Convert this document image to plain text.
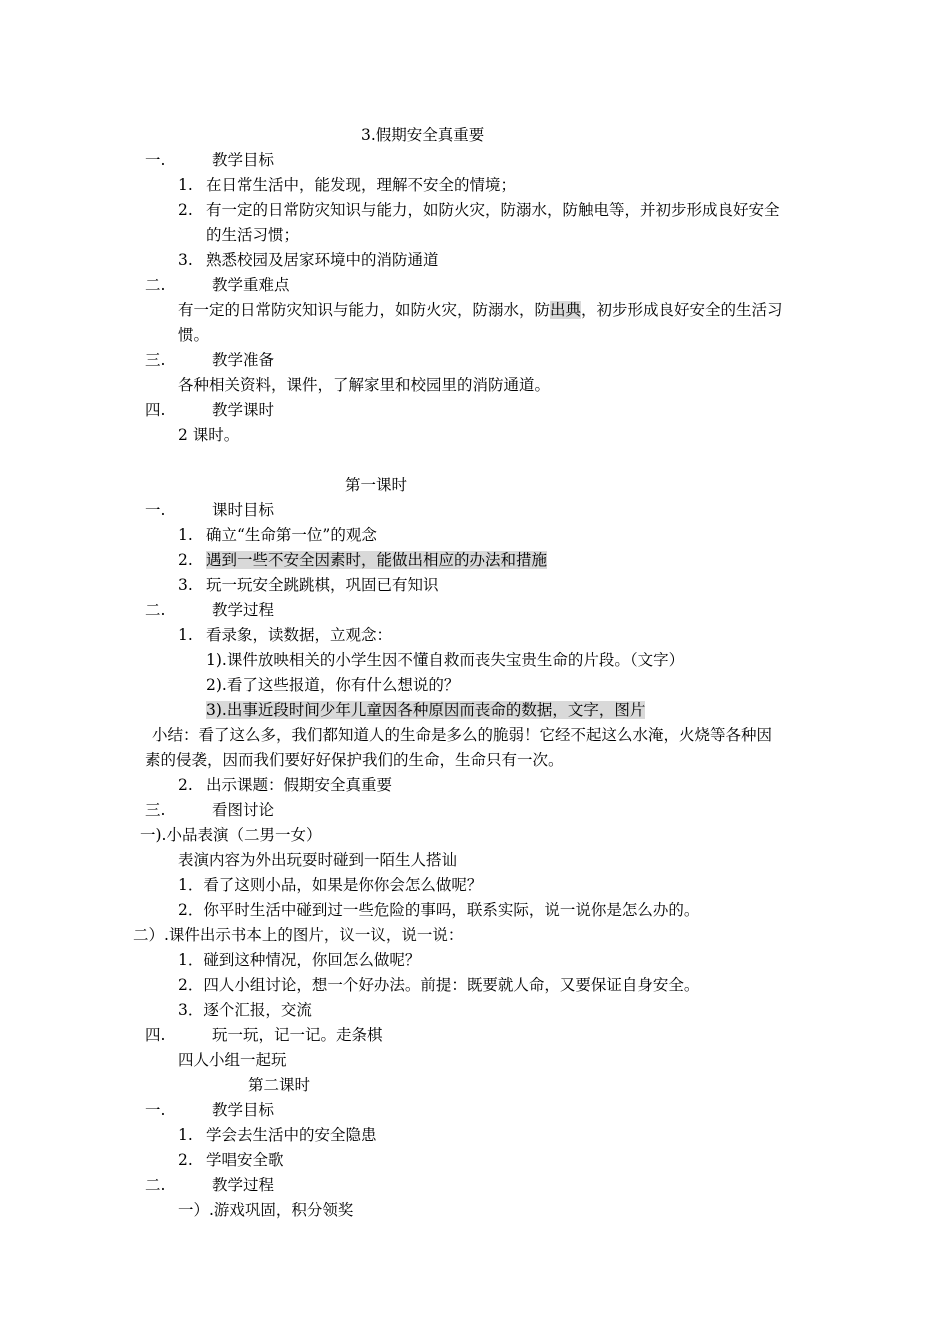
3.假期安全真重要
一.	教学目标
1. 在日常生活中，能发现，理解不安全的情境；
2. 有一定的日常防灾知识与能力，如防火灾，防溺水，防触电等，并初步形成良好安全
的生活习惯；
3. 熟悉校园及居家环境中的消防通道
二.	教学重难点
有一定的日常防灾知识与能力，如防火灾，防溺水，防出典，初步形成良好安全的生活习
惯。
三.	教学准备
各种相关资料，课件，了解家里和校园里的消防通道。
四.	教学课时
2 课时。
第一课时
一.	课时目标
1. 确立“生命第一位”的观念
2. 遇到一些不安全因素时，能做出相应的办法和措施
3. 玩一玩安全跳跳棋，巩固已有知识
二.	教学过程
1. 看录象，读数据，立观念：
1).课件放映相关的小学生因不懂自救而丧失宝贵生命的片段。（文字）
2).看了这些报道，你有什么想说的？
3).出事近段时间少年儿童因各种原因而丧命的数据，文字，图片
小结：看了这么多，我们都知道人的生命是多么的脆弱！它经不起这么水淹，火烧等各种因
素的侵袭，因而我们要好好保护我们的生命，生命只有一次。
2. 出示课题：假期安全真重要
三.	看图讨论
一).小品表演（二男一女）
表演内容为外出玩耍时碰到一陌生人搭讪
1．看了这则小品，如果是你你会怎么做呢？
2．你平时生活中碰到过一些危险的事吗，联系实际，说一说你是怎么办的。
二）.课件出示书本上的图片，议一议，说一说：
1．碰到这种情况，你回怎么做呢？
2．四人小组讨论，想一个好办法。前提：既要就人命，又要保证自身安全。
3．逐个汇报，交流
四.	玩一玩，记一记。走条棋
四人小组一起玩
第二课时
一.	教学目标
1. 学会去生活中的安全隐患
2. 学唱安全歌
二.	教学过程
一）.游戏巩固，积分领奖
